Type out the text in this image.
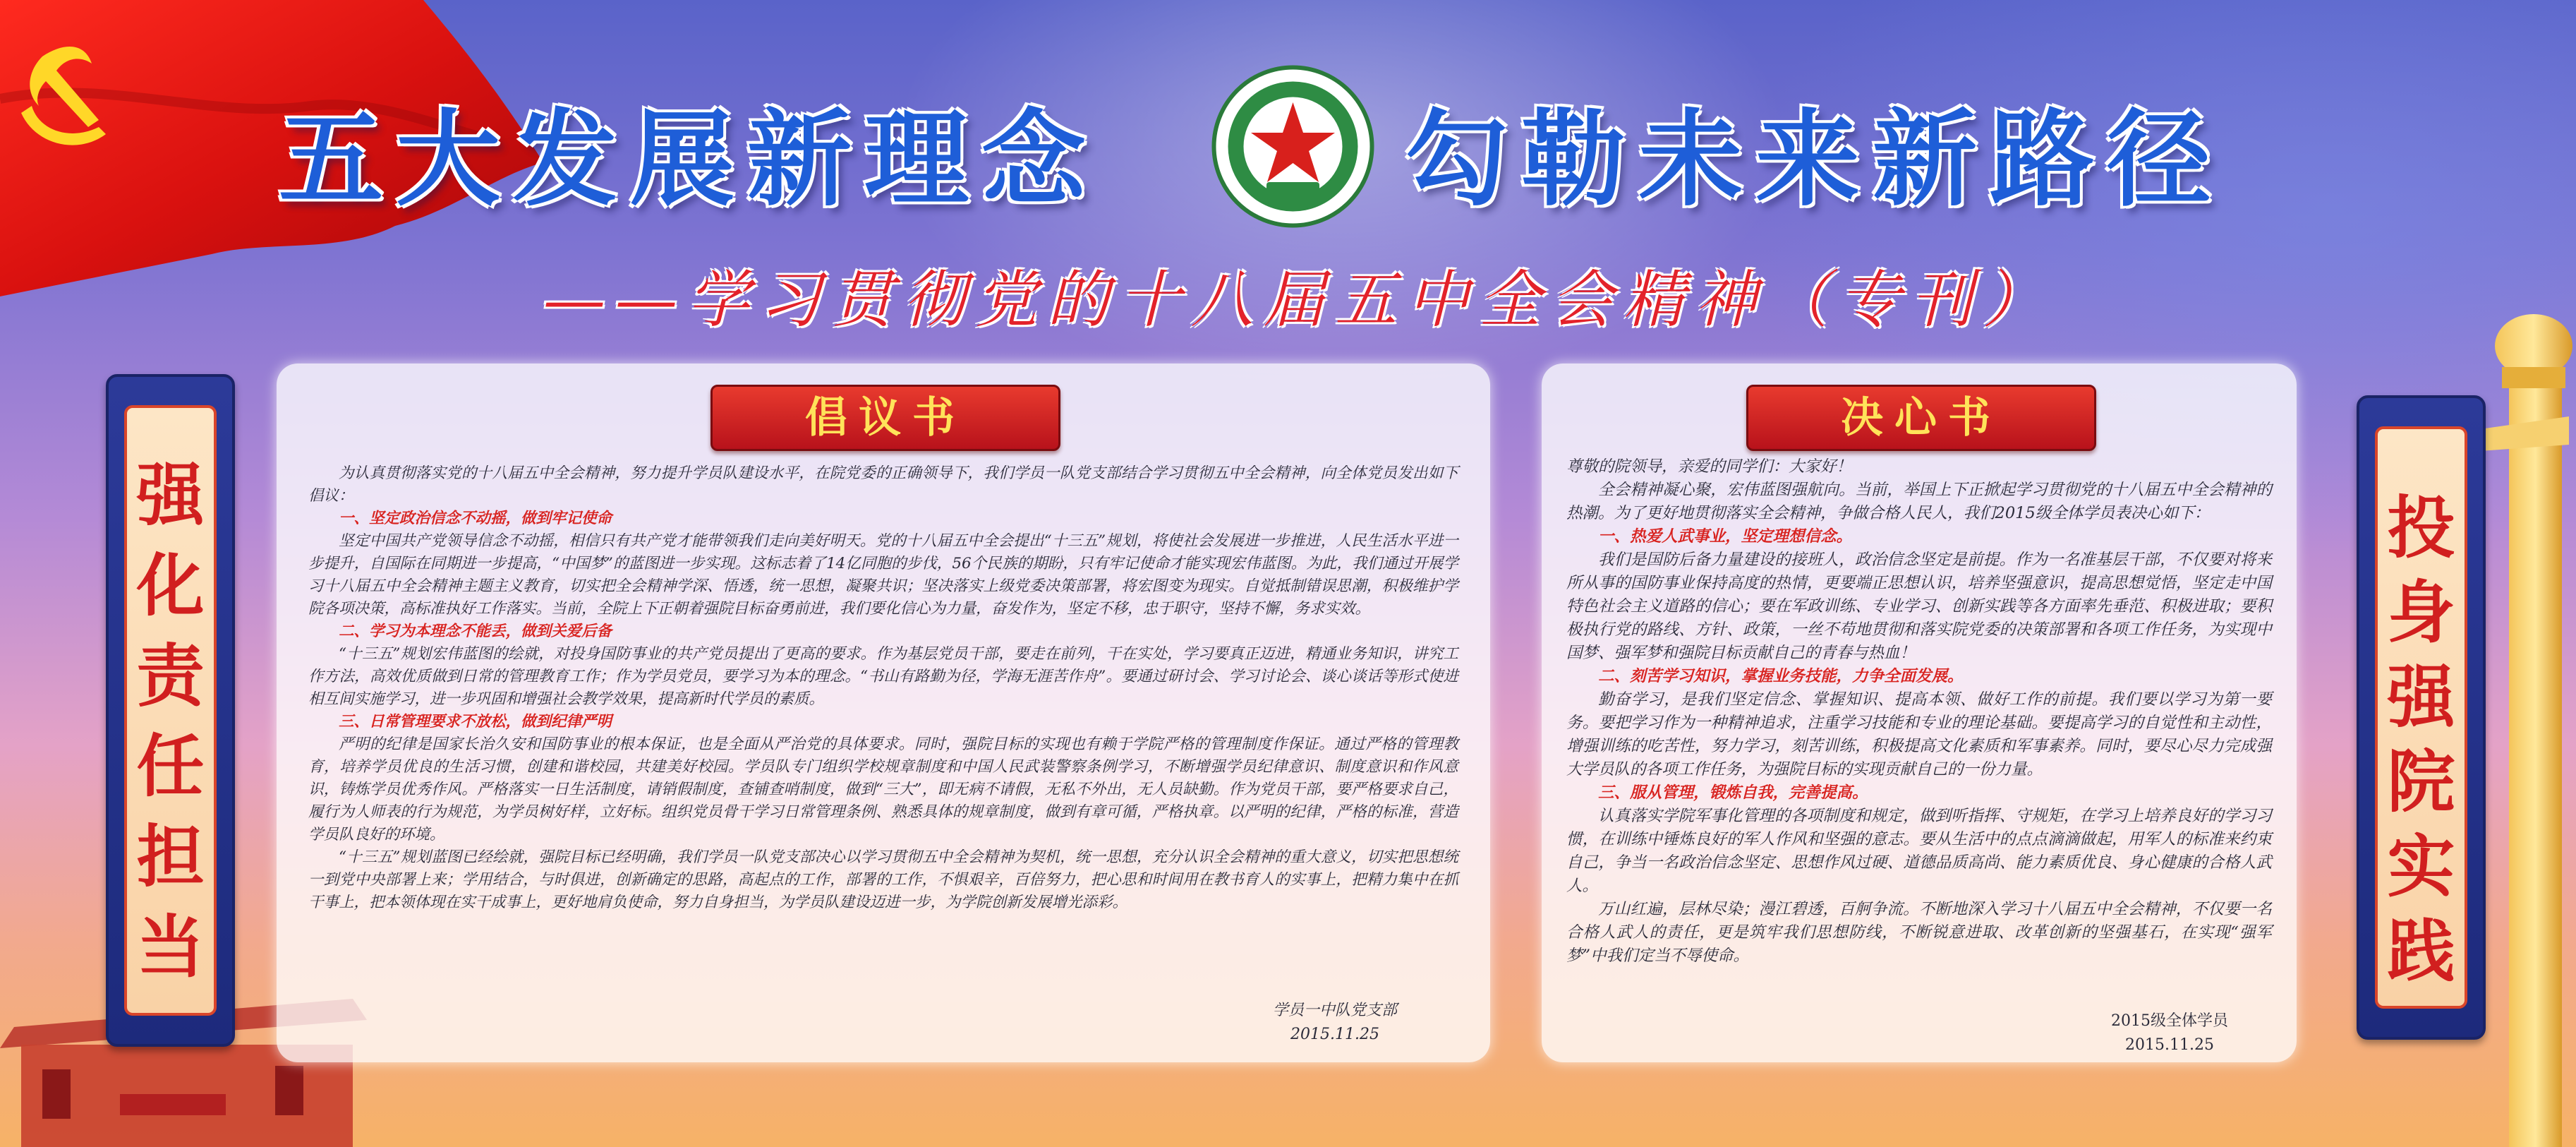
五大发展新理念	勾勒未来新路径
——学习贯彻党的十八届五中全会精神（专刊）
强
化
责
任
担
当
投
身
强
院
实
践
倡议书

为认真贯彻落实党的十八届五中全会精神，努力提升学员队建设水平，在院党委的正确领导下，我们学员一队党支部结合学习贯彻五中全会精神，向全体党员发出如下倡议：

一、坚定政治信念不动摇，做到牢记使命

坚定中国共产党领导信念不动摇，相信只有共产党才能带领我们走向美好明天。党的十八届五中全会提出“十三五”规划，将使社会发展进一步推进，人民生活水平进一步提升，自国际在同期进一步提高，“中国梦”的蓝图进一步实现。这标志着了14亿同胞的步伐，56个民族的期盼，只有牢记使命才能实现宏伟蓝图。为此，我们通过开展学习十八届五中全会精神主题主义教育，切实把全会精神学深、悟透，统一思想，凝聚共识；坚决落实上级党委决策部署，将宏图变为现实。自觉抵制错误思潮，积极维护学院各项决策，高标准执好工作落实。当前，全院上下正朝着强院目标奋勇前进，我们要化信心为力量，奋发作为，坚定不移，忠于职守，坚持不懈，务求实效。

二、学习为本理念不能丢，做到关爱后备

“十三五”规划宏伟蓝图的绘就，对投身国防事业的共产党员提出了更高的要求。作为基层党员干部，要走在前列，干在实处，学习要真正迈进，精通业务知识，讲究工作方法，高效优质做到日常的管理教育工作；作为学员党员，要学习为本的理念。“书山有路勤为径，学海无涯苦作舟”。要通过研讨会、学习讨论会、谈心谈话等形式使进相互间实施学习，进一步巩固和增强社会教学效果，提高新时代学员的素质。

三、日常管理要求不放松，做到纪律严明

严明的纪律是国家长治久安和国防事业的根本保证，也是全面从严治党的具体要求。同时，强院目标的实现也有赖于学院严格的管理制度作保证。通过严格的管理教育，培养学员优良的生活习惯，创建和谐校园，共建美好校园。学员队专门组织学校规章制度和中国人民武装警察条例学习，不断增强学员纪律意识、制度意识和作风意识，铸炼学员优秀作风。严格落实一日生活制度，请销假制度，查铺查哨制度，做到“三大”，即无病不请假，无私不外出，无人员缺勤。作为党员干部，要严格要求自己，履行为人师表的行为规范，为学员树好样，立好标。组织党员骨干学习日常管理条例、熟悉具体的规章制度，做到有章可循，严格执章。以严明的纪律，严格的标准，营造学员队良好的环境。

“十三五”规划蓝图已经绘就，强院目标已经明确，我们学员一队党支部决心以学习贯彻五中全会精神为契机，统一思想，充分认识全会精神的重大意义，切实把思想统一到党中央部署上来；学用结合，与时俱进，创新确定的思路，高起点的工作，部署的工作，不惧艰辛，百倍努力，把心思和时间用在教书育人的实事上，把精力集中在抓干事上，把本领体现在实干成事上，更好地肩负使命，努力自身担当，为学员队建设迈进一步，为学院创新发展增光添彩。

学员一中队党支部
2015.11.25
决心书

尊敬的院领导，亲爱的同学们：大家好！

全会精神凝心聚，宏伟蓝图强航向。当前，举国上下正掀起学习贯彻党的十八届五中全会精神的热潮。为了更好地贯彻落实全会精神，争做合格人民人，我们2015级全体学员表决心如下：

一、热爱人武事业，坚定理想信念。

我们是国防后备力量建设的接班人，政治信念坚定是前提。作为一名准基层干部，不仅要对将来所从事的国防事业保持高度的热情，更要端正思想认识，培养坚强意识，提高思想觉悟，坚定走中国特色社会主义道路的信心；要在军政训练、专业学习、创新实践等各方面率先垂范、积极进取；要积极执行党的路线、方针、政策，一丝不苟地贯彻和落实院党委的决策部署和各项工作任务，为实现中国梦、强军梦和强院目标贡献自己的青春与热血！

二、刻苦学习知识，掌握业务技能，力争全面发展。

勤奋学习，是我们坚定信念、掌握知识、提高本领、做好工作的前提。我们要以学习为第一要务。要把学习作为一种精神追求，注重学习技能和专业的理论基础。要提高学习的自觉性和主动性，增强训练的吃苦性，努力学习，刻苦训练，积极提高文化素质和军事素养。同时，要尽心尽力完成强大学员队的各项工作任务，为强院目标的实现贡献自己的一份力量。

三、服从管理，锻炼自我，完善提高。

认真落实学院军事化管理的各项制度和规定，做到听指挥、守规矩，在学习上培养良好的学习习惯，在训练中锤炼良好的军人作风和坚强的意志。要从生活中的点点滴滴做起，用军人的标准来约束自己，争当一名政治信念坚定、思想作风过硬、道德品质高尚、能力素质优良、身心健康的合格人武人。

万山红遍，层林尽染；漫江碧透，百舸争流。不断地深入学习十八届五中全会精神，不仅要一名合格人武人的责任，更是筑牢我们思想防线，不断锐意进取、改革创新的坚强基石，在实现“强军梦”中我们定当不辱使命。

2015级全体学员
2015.11.25
